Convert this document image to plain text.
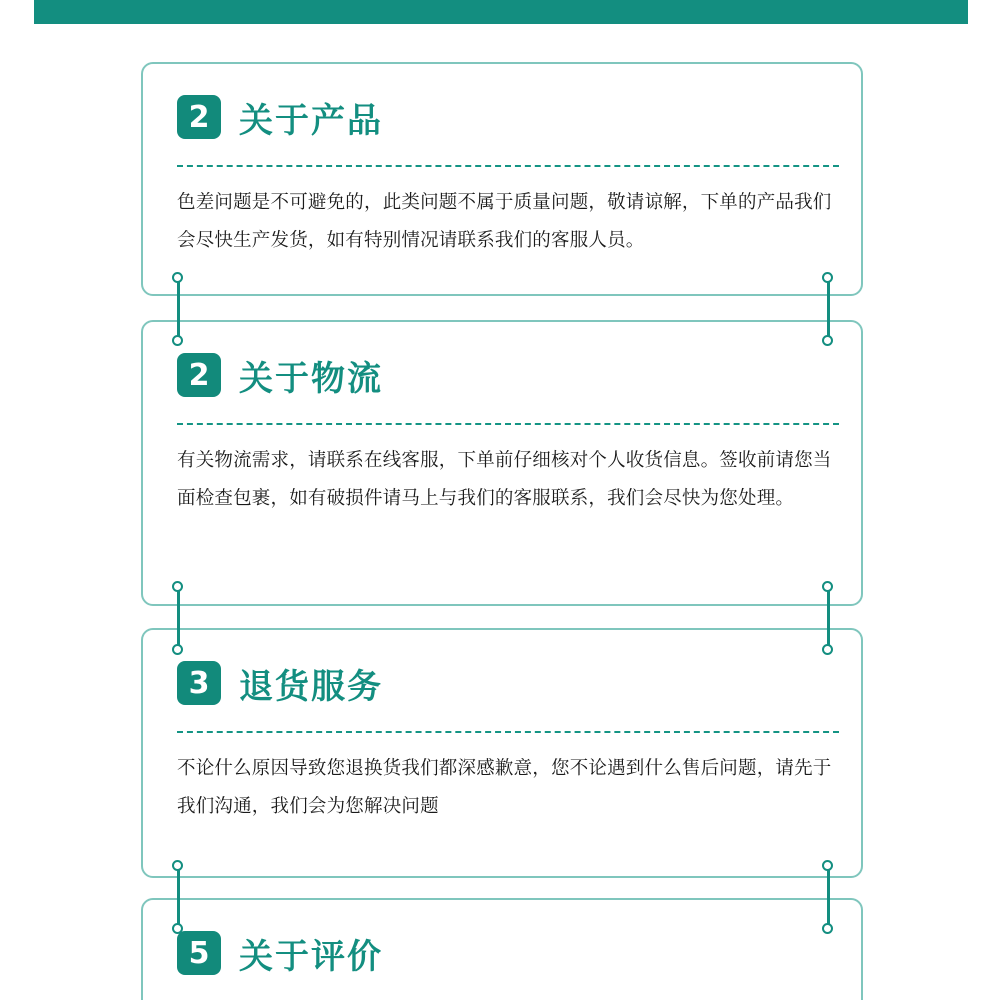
2 关于产品
色差问题是不可避免的，此类问题不属于质量问题，敬请谅解，下单的产品我们会尽快生产发货，如有特别情况请联系我们的客服人员。
2 关于物流
有关物流需求，请联系在线客服，下单前仔细核对个人收货信息。签收前请您当面检查包裹，如有破损件请马上与我们的客服联系，我们会尽快为您处理。
3 退货服务
不论什么原因导致您退换货我们都深感歉意，您不论遇到什么售后问题，请先于我们沟通，我们会为您解决问题
5 关于评价
